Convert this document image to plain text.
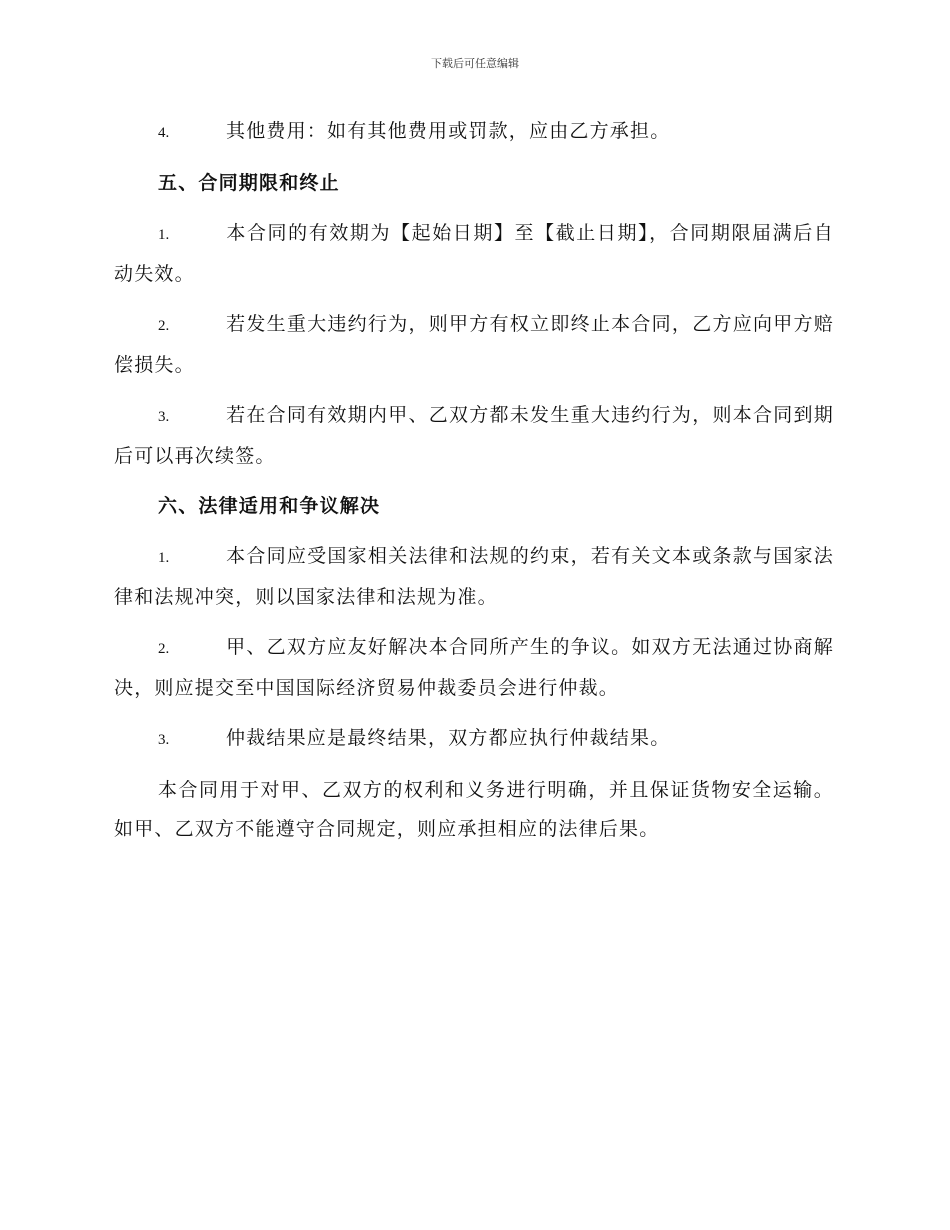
下载后可任意编辑

4.	其他费用：如有其他费用或罚款，应由乙方承担。

五、合同期限和终止

1.	本合同的有效期为【起始日期】至【截止日期】，合同期限届满后自动失效。

2.	若发生重大违约行为，则甲方有权立即终止本合同，乙方应向甲方赔偿损失。

3.	若在合同有效期内甲、乙双方都未发生重大违约行为，则本合同到期后可以再次续签。

六、法律适用和争议解决

1.	本合同应受国家相关法律和法规的约束，若有关文本或条款与国家法律和法规冲突，则以国家法律和法规为准。

2.	甲、乙双方应友好解决本合同所产生的争议。如双方无法通过协商解决，则应提交至中国国际经济贸易仲裁委员会进行仲裁。

3.	仲裁结果应是最终结果，双方都应执行仲裁结果。

本合同用于对甲、乙双方的权利和义务进行明确，并且保证货物安全运输。如甲、乙双方不能遵守合同规定，则应承担相应的法律后果。
